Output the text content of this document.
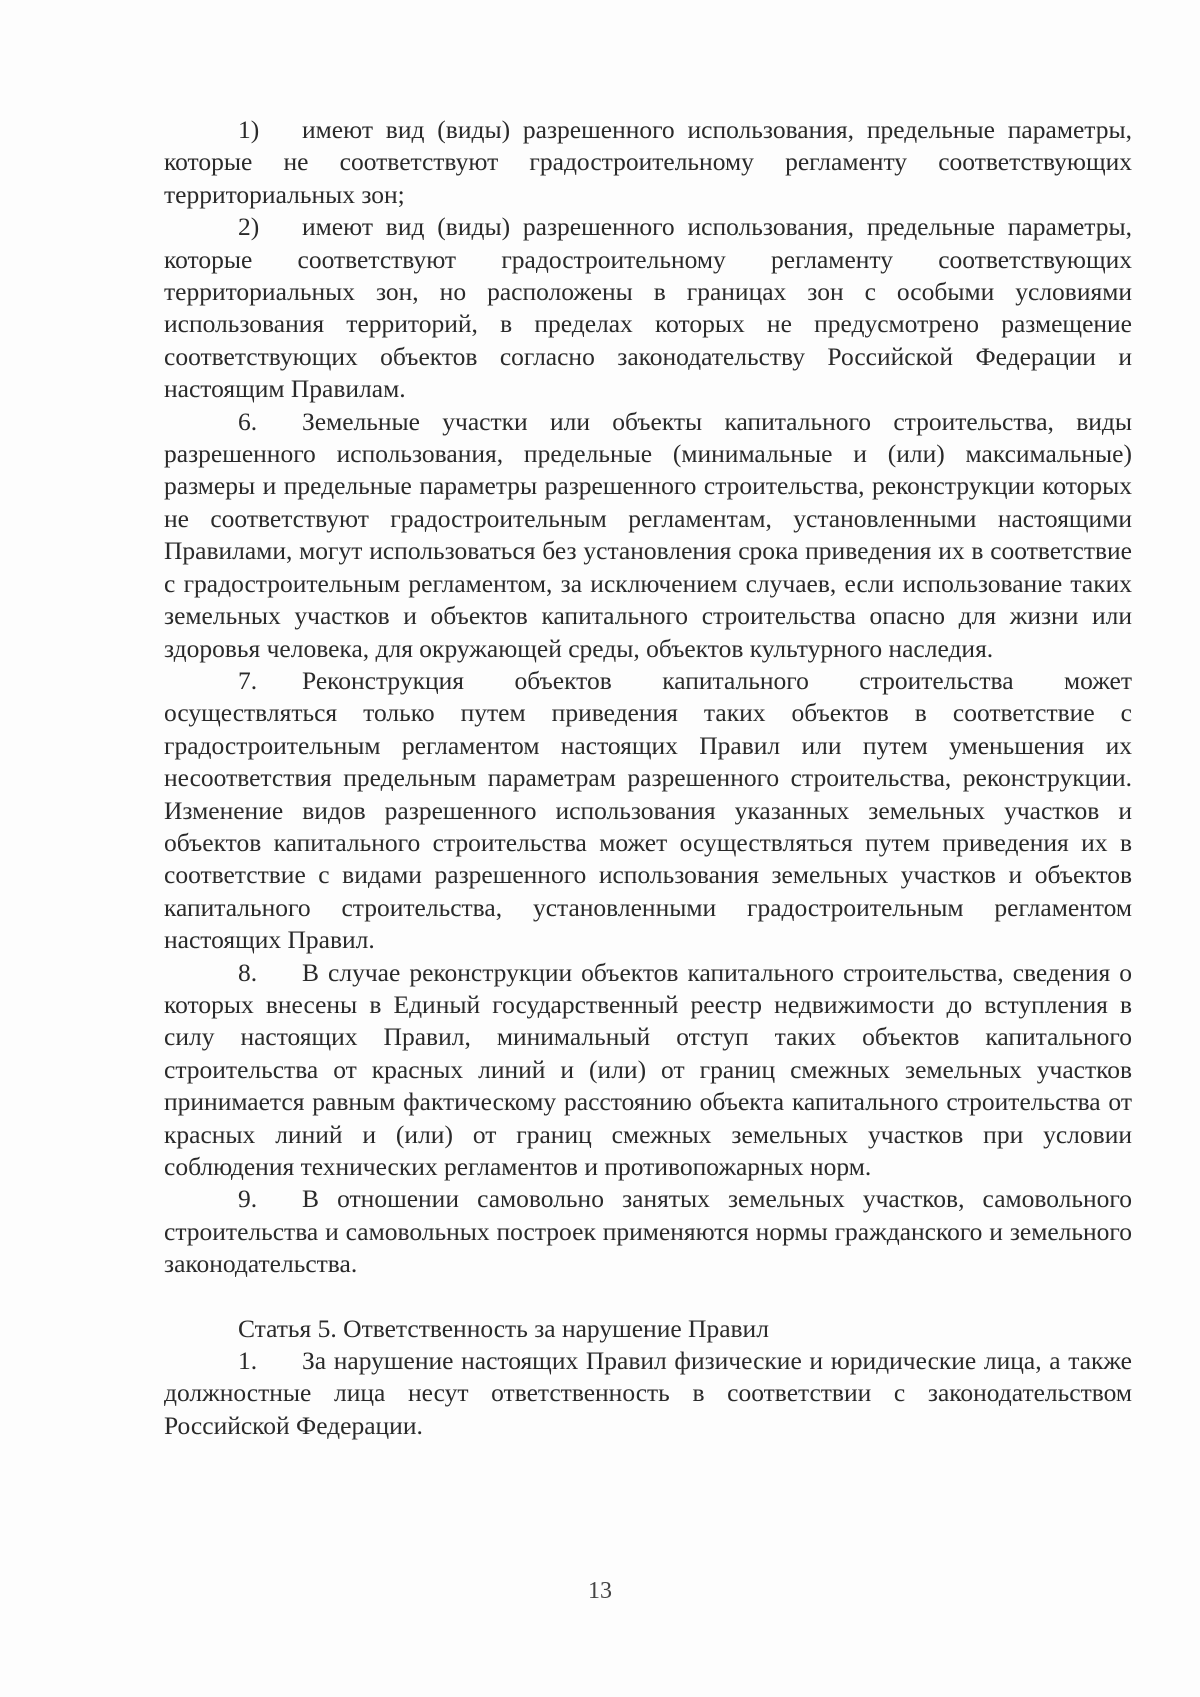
1) имеют вид (виды) разрешенного использования, предельные параметры, которые не соответствуют градостроительному регламенту соответствующих территориальных зон;

2) имеют вид (виды) разрешенного использования, предельные параметры, которые соответствуют градостроительному регламенту соответствующих территориальных зон, но расположены в границах зон с особыми условиями использования территорий, в пределах которых не предусмотрено размещение соответствующих объектов согласно законодательству Российской Федерации и настоящим Правилам.

6. Земельные участки или объекты капитального строительства, виды разрешенного использования, предельные (минимальные и (или) максимальные) размеры и предельные параметры разрешенного строительства, реконструкции которых не соответствуют градостроительным регламентам, установленными настоящими Правилами, могут использоваться без установления срока приведения их в соответствие с градостроительным регламентом, за исключением случаев, если использование таких земельных участков и объектов капитального строительства опасно для жизни или здоровья человека, для окружающей среды, объектов культурного наследия.

7. Реконструкция объектов капитального строительства может осуществляться только путем приведения таких объектов в соответствие с градостроительным регламентом настоящих Правил или путем уменьшения их несоответствия предельным параметрам разрешенного строительства, реконструкции. Изменение видов разрешенного использования указанных земельных участков и объектов капитального строительства может осуществляться путем приведения их в соответствие с видами разрешенного использования земельных участков и объектов капитального строительства, установленными градостроительным регламентом настоящих Правил.

8. В случае реконструкции объектов капитального строительства, сведения о которых внесены в Единый государственный реестр недвижимости до вступления в силу настоящих Правил, минимальный отступ таких объектов капитального строительства от красных линий и (или) от границ смежных земельных участков принимается равным фактическому расстоянию объекта капитального строительства от красных линий и (или) от границ смежных земельных участков при условии соблюдения технических регламентов и противопожарных норм.

9. В отношении самовольно занятых земельных участков, самовольного строительства и самовольных построек применяются нормы гражданского и земельного законодательства.

Статья 5. Ответственность за нарушение Правил

1. За нарушение настоящих Правил физические и юридические лица, а также должностные лица несут ответственность в соответствии с законодательством Российской Федерации.

13
